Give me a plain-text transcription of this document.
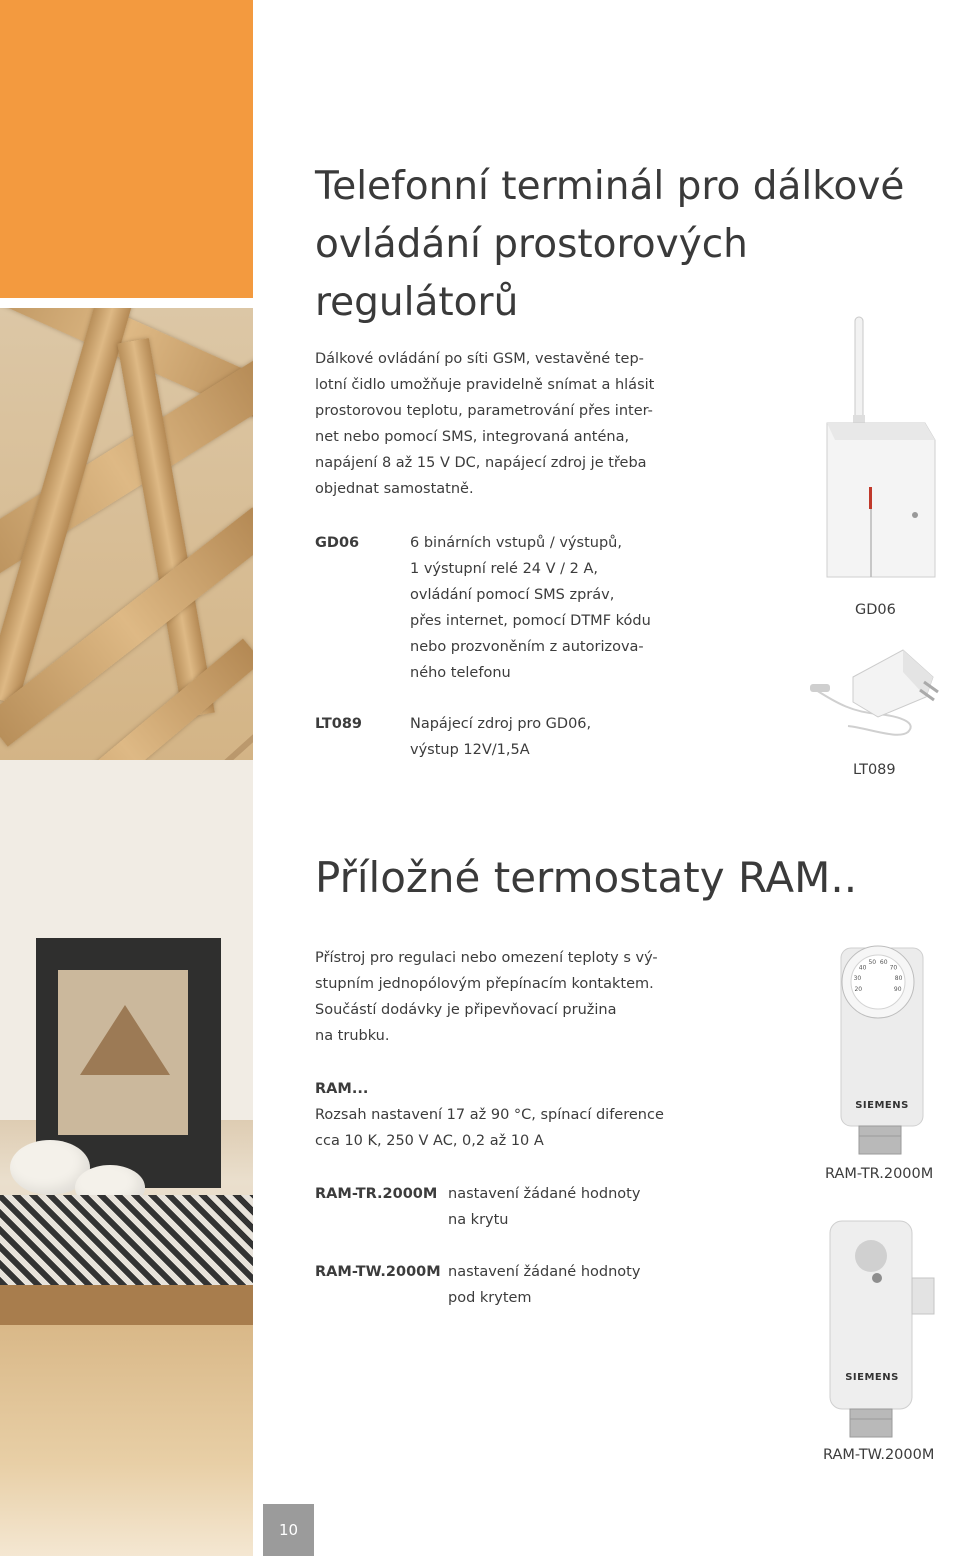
Telefonní terminál pro dálkové
ovládání prostorových regulátorů

Dálkové ovládání po síti GSM, vestavěné tep-
lotní čidlo umožňuje pravidelně snímat a hlásit
prostorovou teplotu, parametrování přes inter-
net nebo pomocí SMS, integrovaná anténa,
napájení 8 až 15 V DC, napájecí zdroj je třeba
objednat samostatně.

GD06	6 binárních vstupů / výstupů,
1 výstupní relé 24 V / 2 A,
ovládání pomocí SMS zpráv,
přes internet, pomocí DTMF kódu
nebo prozvoněním z autorizova-
ného telefonu

LT089	Napájecí zdroj pro GD06,
výstup 12V/1,5A

GD06

LT089

Příložné termostaty RAM..

Přístroj pro regulaci nebo omezení teploty s vý-
stupním jednopólovým přepínacím kontaktem.
Součástí dodávky je připevňovací pružina
na trubku.

RAM...

Rozsah nastavení 17 až 90 °C, spínací diference
cca 10 K, 250 V AC, 0,2 až 10 A

RAM-TR.2000M nastavení žádané hodnoty
na krytu

RAM-TW.2000M nastavení žádané hodnoty
pod krytem

20
30
40
50 60
70
80
90
SIEMENS

RAM-TR.2000M

SIEMENS

RAM-TW.2000M

10
